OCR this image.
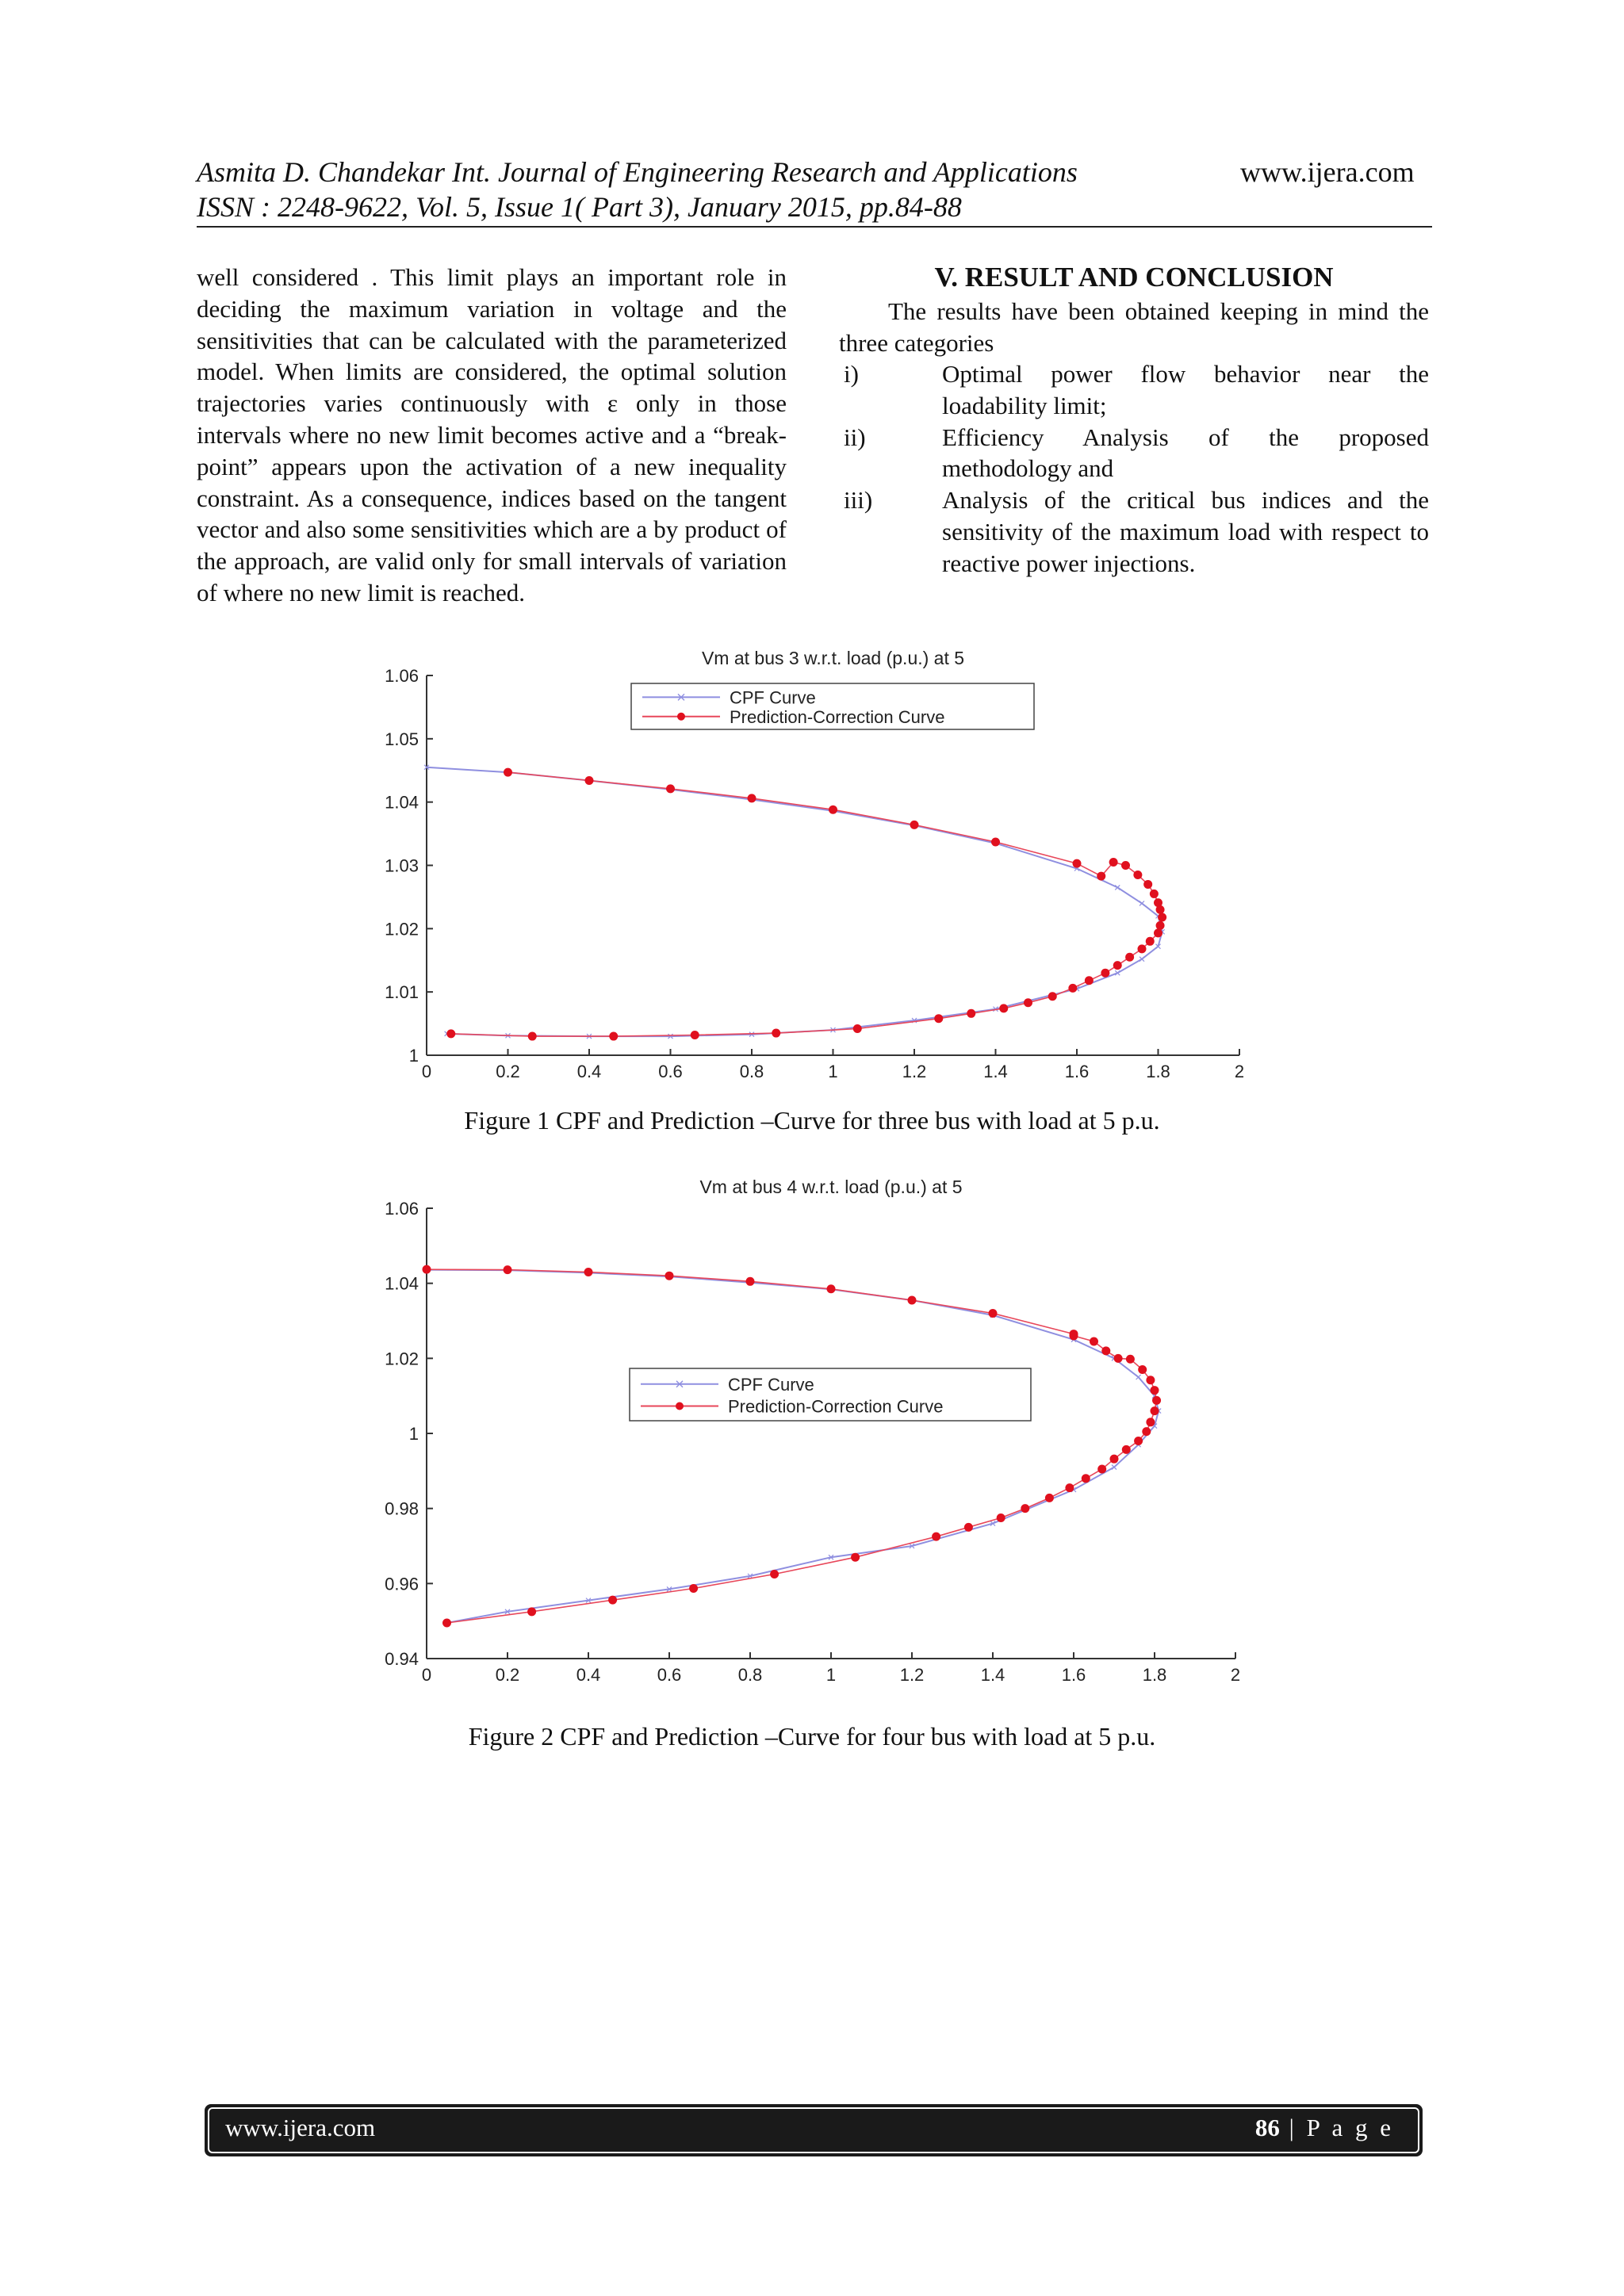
Asmita D. Chandekar Int. Journal of Engineering Research and Applications	www.ijera.com
ISSN : 2248-9622, Vol. 5, Issue 1( Part 3), January 2015, pp.84-88

well considered . This limit plays an important role in deciding the maximum variation in voltage and the sensitivities that can be calculated with the parameterized model. When limits are considered, the optimal solution trajectories varies continuously with ε only in those intervals where no new limit becomes active and a “break-point” appears upon the activation of a new inequality constraint. As a consequence, indices based on the tangent vector and also some sensitivities which are a by product of the approach, are valid only for small intervals of variation of where no new limit is reached.

V. RESULT AND CONCLUSION

The results have been obtained keeping in mind the three categories

i)	Optimal power flow behavior near the loadability limit;
ii)	Efficiency Analysis of the proposed methodology and
iii)	Analysis of the critical bus indices and the sensitivity of the maximum load with respect to reactive power injections.
0	0.2	0.4	0.6	0.8	1	1.2	1.4	1.6	1.8	2
1
1.01
1.02
1.03
1.04
1.05
1.06
Vm at bus 3 w.r.t. load (p.u.) at 5
CPF Curve
Prediction-Correction Curve
Figure 1 CPF and Prediction –Curve for three bus with load at 5 p.u.
0	0.2	0.4	0.6	0.8	1	1.2	1.4	1.6	1.8	2
0.94
0.96
0.98
1
1.02
1.04
1.06
Vm at bus 4 w.r.t. load (p.u.) at 5
CPF Curve
Prediction-Correction Curve
Figure 2 CPF and Prediction –Curve for four bus with load at 5 p.u.
www.ijera.com	86 | P a g e
